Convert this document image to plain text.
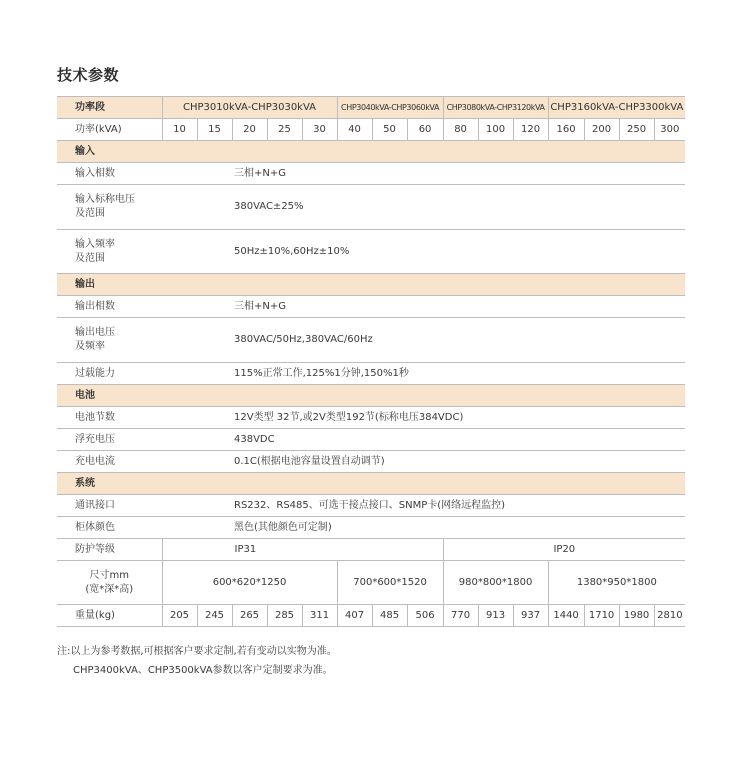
技术参数
功率段	CHP3010kVA-CHP3030kVA					CHP3040kVA-CHP3060kVA			CHP3080kVA-CHP3120kVA			CHP3160kVA-CHP3300kVA			
功率(kVA)	10	15	20	25	30	40	50	60	80	100	120	160	200	250	300
输入															
输入相数	三相+N+G														

输入标称电压
及范围	380VAC±25%														

输入频率
及范围	50Hz±10%,60Hz±10%														
输出															
输出相数	三相+N+G														

输出电压
及频率	380VAC/50Hz,380VAC/60Hz														
过载能力	115%正常工作,125%1分钟,150%1秒														
电池															
电池节数	12V类型 32节,或2V类型192节(标称电压384VDC)														
浮充电压	438VDC														
充电电流	0.1C(根据电池容量设置自动调节)														
系统															
通讯接口	RS232、RS485、可选干接点接口、SNMP卡(网络远程监控)														
柜体颜色	黑色(其他颜色可定制)														
防护等级	IP31								IP20						

尺寸mm
(宽*深*高)	600*620*1250					700*600*1520			980*800*1800			1380*950*1800			
重量(kg)	205	245	265	285	311	407	485	506	770	913	937	1440	1710	1980	2810
注:以上为参考数据,可根据客户要求定制,若有变动以实物为准。
CHP3400kVA、CHP3500kVA参数以客户定制要求为准。
